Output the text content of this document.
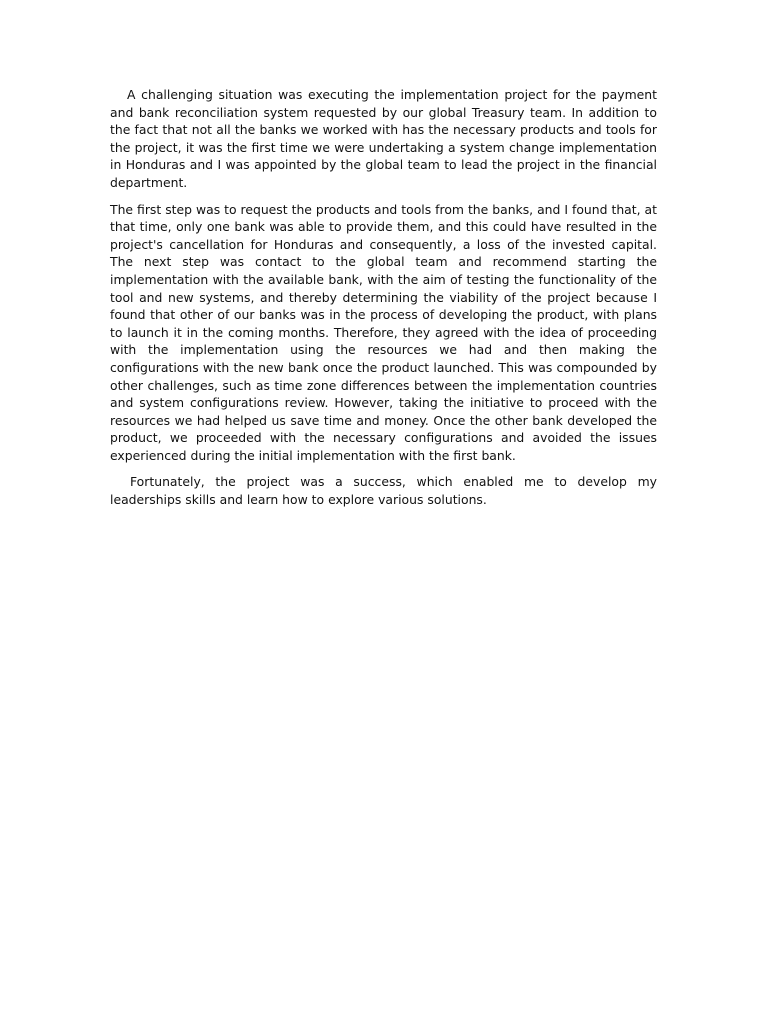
A challenging situation was executing the implementation project for the payment and bank reconciliation system requested by our global Treasury team. In addition to the fact that not all the banks we worked with has the necessary products and tools for the project, it was the first time we were undertaking a system change implementation in Honduras and I was appointed by the global team to lead the project in the financial department.

The first step was to request the products and tools from the banks, and I found that, at that time, only one bank was able to provide them, and this could have resulted in the project's cancellation for Honduras and consequently, a loss of the invested capital. The next step was contact to the global team and recommend starting the implementation with the available bank, with the aim of testing the functionality of the tool and new systems, and thereby determining the viability of the project because I found that other of our banks was in the process of developing the product, with plans to launch it in the coming months. Therefore, they agreed with the idea of proceeding with the implementation using the resources we had and then making the configurations with the new bank once the product launched. This was compounded by other challenges, such as time zone differences between the implementation countries and system configurations review. However, taking the initiative to proceed with the resources we had helped us save time and money. Once the other bank developed the product, we proceeded with the necessary configurations and avoided the issues experienced during the initial implementation with the first bank.

Fortunately, the project was a success, which enabled me to develop my leaderships skills and learn how to explore various solutions.
